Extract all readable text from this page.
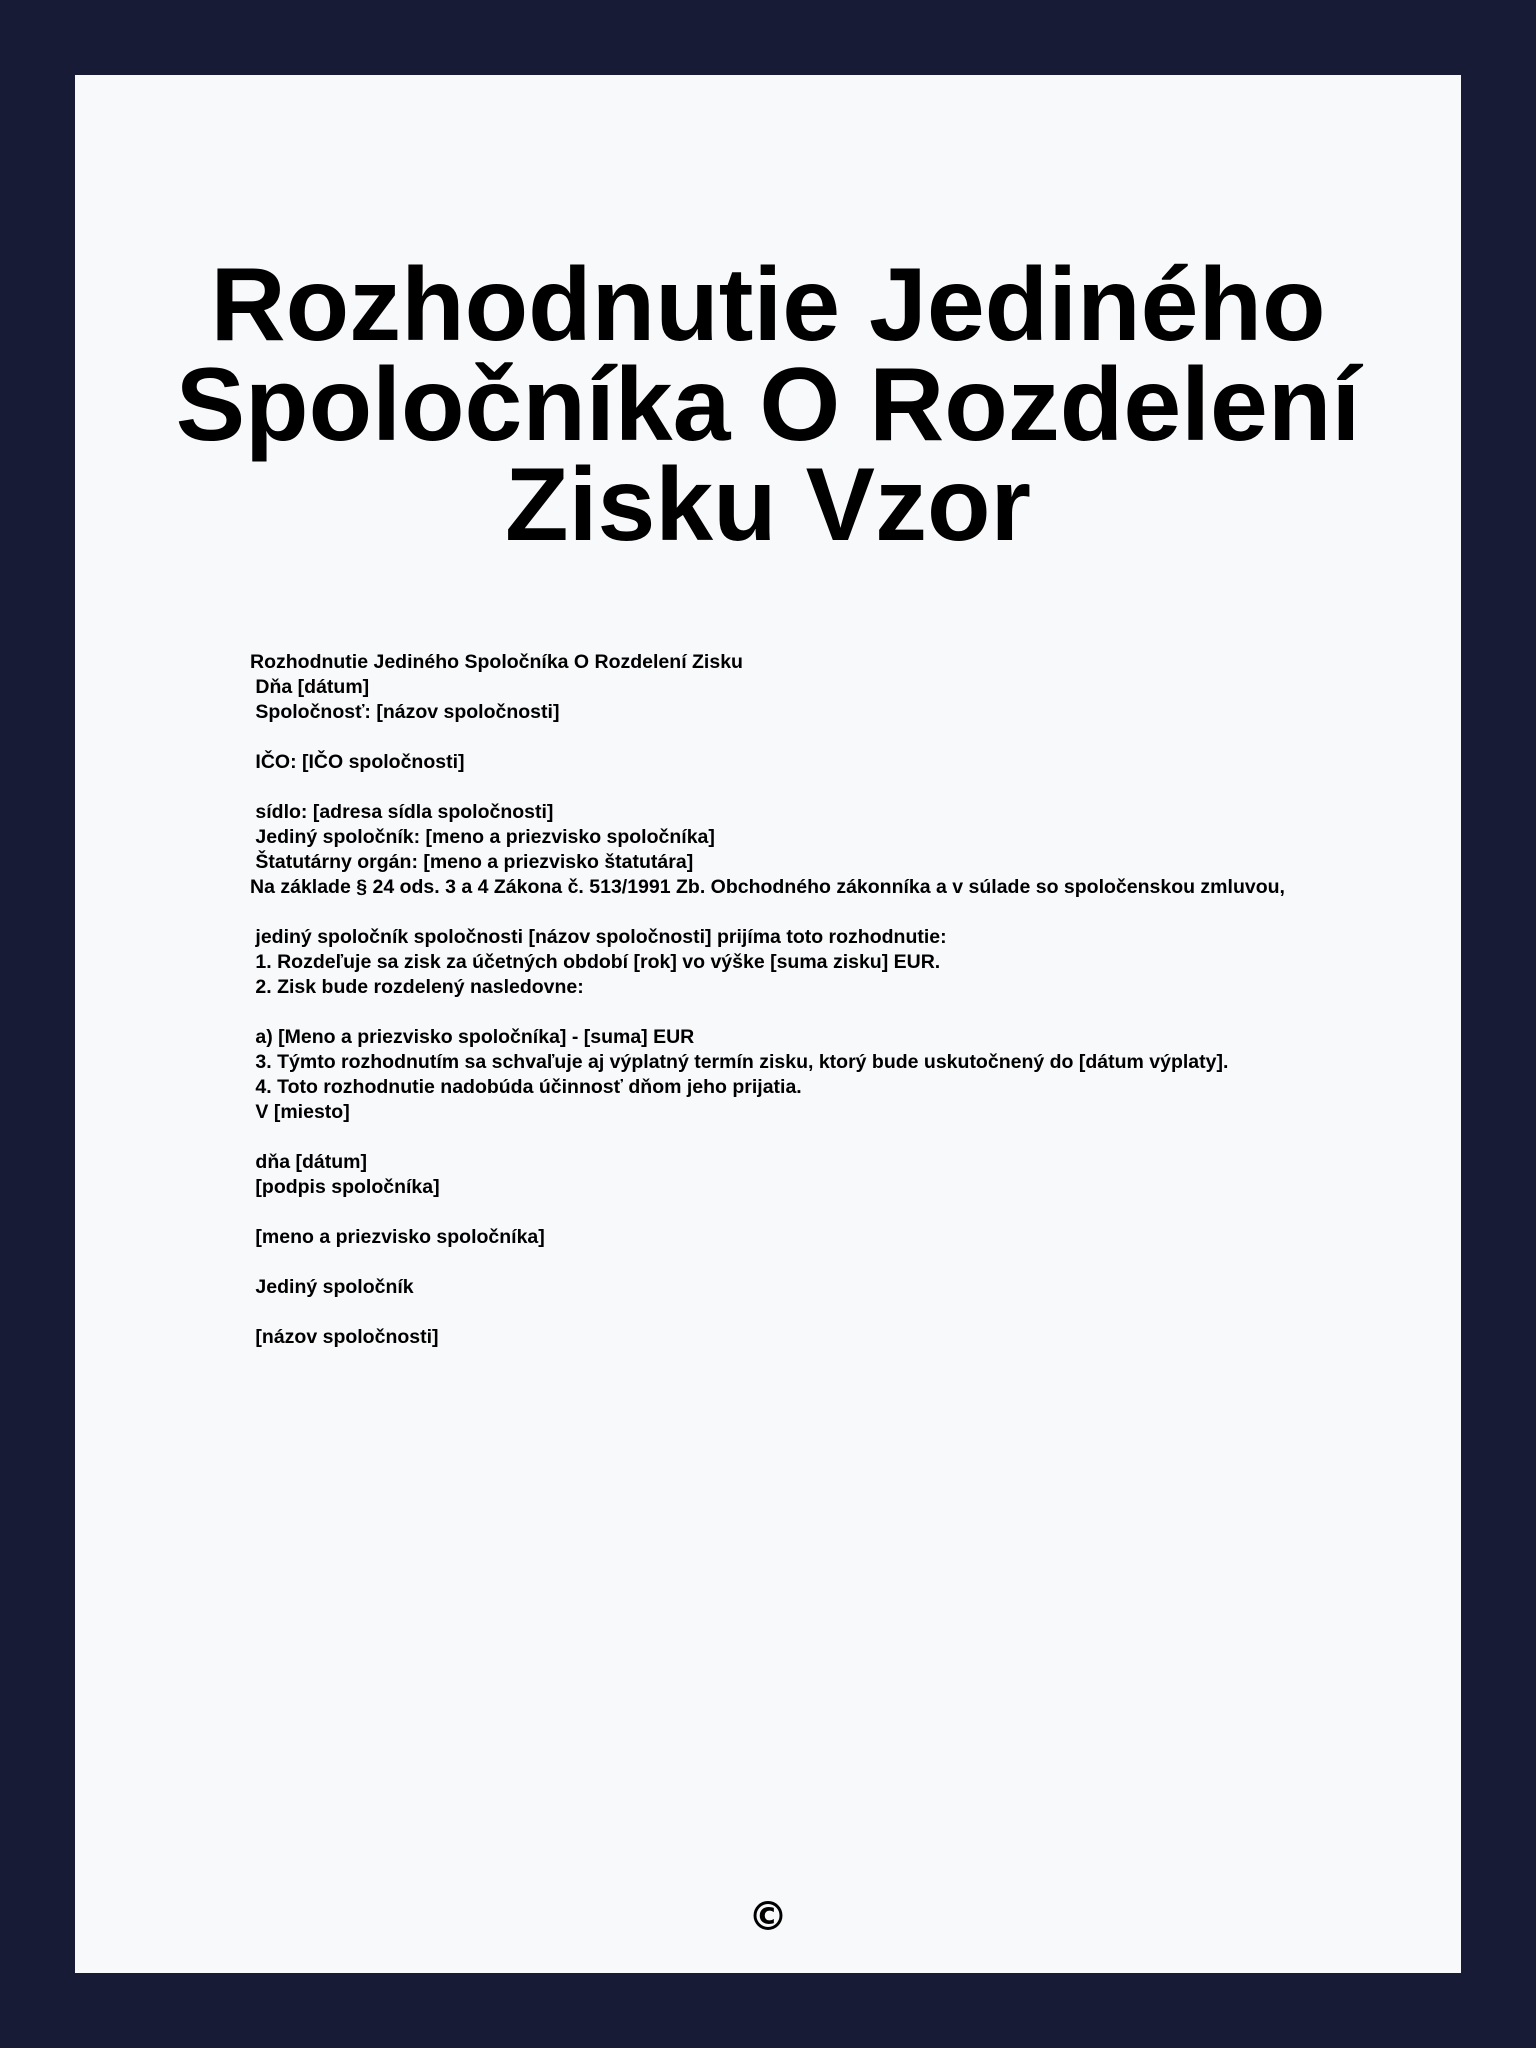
Rozhodnutie Jediného Spoločníka O Rozdelení Zisku Vzor
Rozhodnutie Jediného Spoločníka O Rozdelení Zisku
Dňa [dátum]
Spoločnosť: [názov spoločnosti]
IČO: [IČO spoločnosti]
sídlo: [adresa sídla spoločnosti]
Jediný spoločník: [meno a priezvisko spoločníka]
Štatutárny orgán: [meno a priezvisko štatutára]
Na základe § 24 ods. 3 a 4 Zákona č. 513/1991 Zb. Obchodného zákonníka a v súlade so spoločenskou zmluvou,
jediný spoločník spoločnosti [názov spoločnosti] prijíma toto rozhodnutie:
1. Rozdeľuje sa zisk za účetných období [rok] vo výške [suma zisku] EUR.
2. Zisk bude rozdelený nasledovne:
a) [Meno a priezvisko spoločníka] - [suma] EUR
3. Týmto rozhodnutím sa schvaľuje aj výplatný termín zisku, ktorý bude uskutočnený do [dátum výplaty].
4. Toto rozhodnutie nadobúda účinnosť dňom jeho prijatia.
V [miesto]
dňa [dátum]
[podpis spoločníka]
[meno a priezvisko spoločníka]
Jediný spoločník
[názov spoločnosti]
©
